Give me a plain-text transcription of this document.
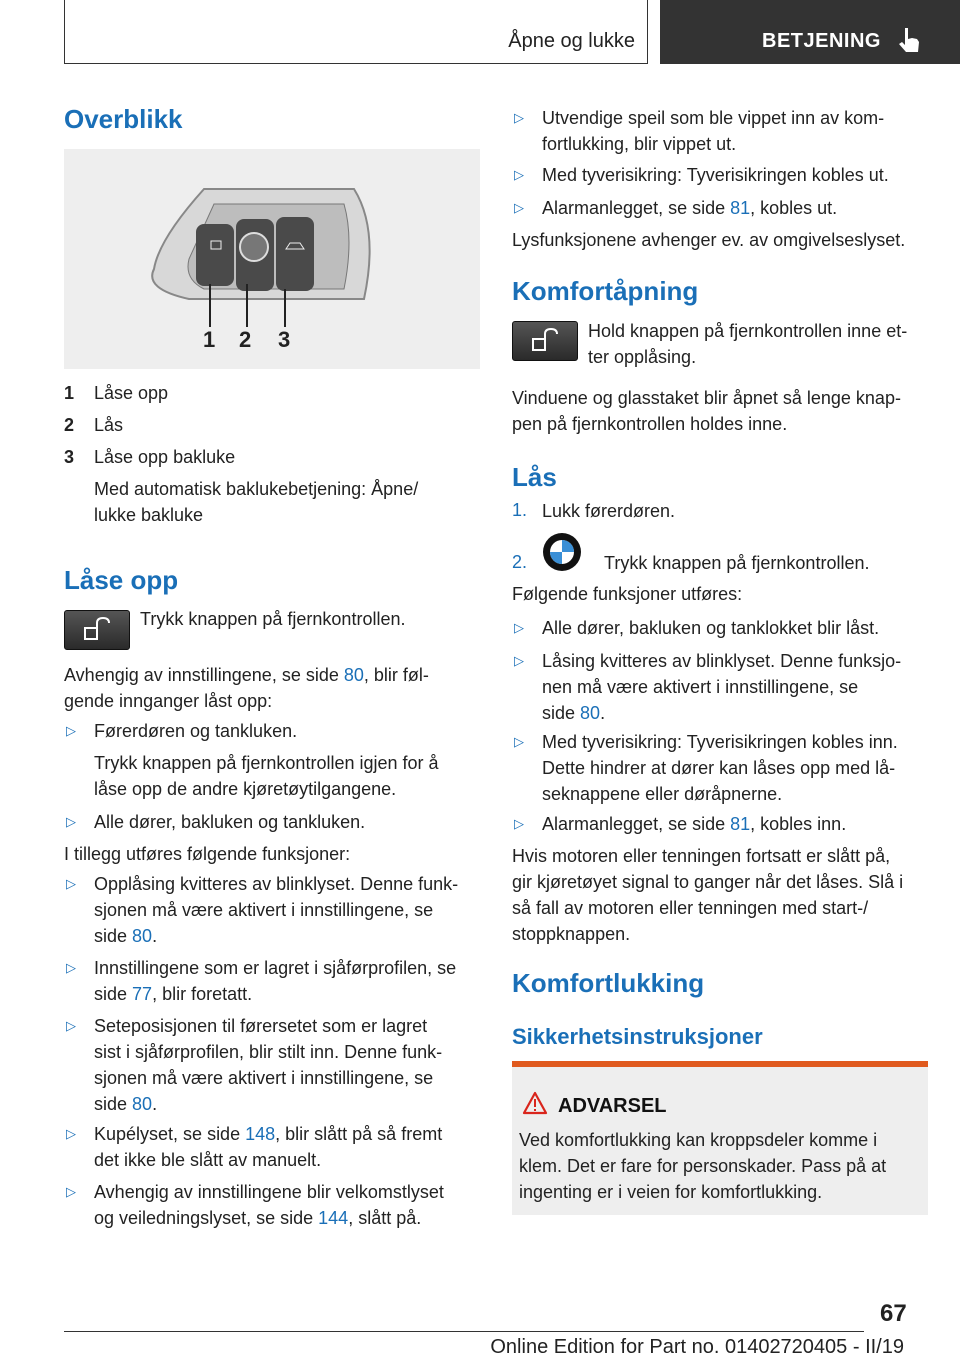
Åpne og lukke	BETJENING
Overblikk
1 2 3
1 Låse opp

2 Lås

3 Låse opp bakluke

Med automatisk baklukebetjening: Åpne/

lukke bakluke

Låse opp

Trykk knappen på fjernkontrollen.

Avhengig av innstillingene, se side 80, blir føl-

gende innganger låst opp:

▷ Førerdøren og tankluken.

Trykk knappen på fjernkontrollen igjen for å

låse opp de andre kjøretøytilgangene.

▷ Alle dører, bakluken og tankluken.

I tillegg utføres følgende funksjoner:

▷ Opplåsing kvitteres av blinklyset. Denne funk-

sjonen må være aktivert i innstillingene, se

side 80.

▷ Innstillingene som er lagret i sjåførprofilen, se

side 77, blir foretatt.

▷ Seteposisjonen til førersetet som er lagret

sist i sjåførprofilen, blir stilt inn. Denne funk-

sjonen må være aktivert i innstillingene, se

side 80.

▷ Kupélyset, se side 148, blir slått på så fremt

det ikke ble slått av manuelt.

▷ Avhengig av innstillingene blir velkomstlyset

og veiledningslyset, se side 144, slått på.

▷ Utvendige speil som ble vippet inn av kom-

fortlukking, blir vippet ut.

▷ Med tyverisikring: Tyverisikringen kobles ut.

▷ Alarmanlegget, se side 81, kobles ut.

Lysfunksjonene avhenger ev. av omgivelseslyset.

Komfortåpning

Hold knappen på fjernkontrollen inne et-

ter opplåsing.

Vinduene og glasstaket blir åpnet så lenge knap-

pen på fjernkontrollen holdes inne.

Lås
1. Lukk førerdøren.

2.	Trykk knappen på fjernkontrollen.

Følgende funksjoner utføres:

▷ Alle dører, bakluken og tanklokket blir låst.

▷ Låsing kvitteres av blinklyset. Denne funksjo-

nen må være aktivert i innstillingene, se

side 80.

▷ Med tyverisikring: Tyverisikringen kobles inn.

Dette hindrer at dører kan låses opp med lå-

seknappene eller døråpnerne.

▷ Alarmanlegget, se side 81, kobles inn.

Hvis motoren eller tenningen fortsatt er slått på,

gir kjøretøyet signal to ganger når det låses. Slå i

så fall av motoren eller tenningen med start-/

stoppknappen.

Komfortlukking
Sikkerhetsinstruksjoner
ADVARSEL

Ved komfortlukking kan kroppsdeler komme i

klem. Det er fare for personskader. Pass på at

ingenting er i veien for komfortlukking.

67
Online Edition for Part no. 01402720405 - II/19
